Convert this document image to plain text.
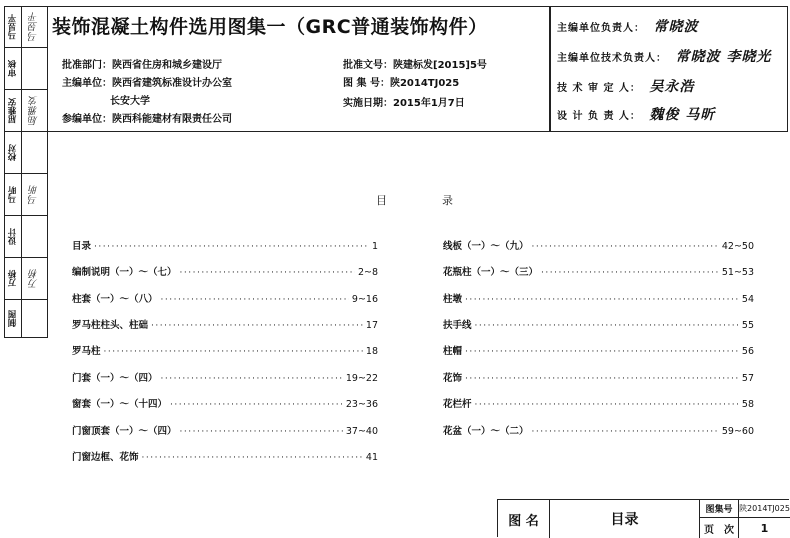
马昱平 马昱平
审核
屈雅安 屈雅安
校对
马昕 马昕
设计
万桥 万桥
制图
装饰混凝土构件选用图集一（GRC普通装饰构件）
批准部门：陕西省住房和城乡建设厅
主编单位：陕西省建筑标准设计办公室
长安大学
参编单位：陕西科能建材有限责任公司
批准文号：陕建标发[2015]5号
图 集 号：陕2014TJ025
实施日期：2015年1月7日
主编单位负责人： 常晓波
主编单位技术负责人： 常晓波 李晓光
技 术 审 定 人： 吴永浩
设 计 负 责 人： 魏俊 马昕
目　　　　　录
目录 ·····	1
编制说明（一）～（七） ·····	2~8
柱套（一）～（八） ·····	9~16
罗马柱柱头、柱础 ·····	17
罗马柱 ·····	18
门套（一）～（四） ·····	19~22
窗套（一）～（十四） ·····	23~36
门窗顶套（一）～（四） ·····	37~40
门窗边框、花饰 ·····	41
线板（一）～（九） ·····	42~50
花瓶柱（一）～（三） ·····	51~53
柱墩 ·····	54
扶手线 ·····	55
柱帽 ·····	56
花饰 ·····	57
花栏杆 ·····	58
花盆（一）～（二） ·····	59~60
图 名	目录
图集号 陕2014TJ025
页　次	1
